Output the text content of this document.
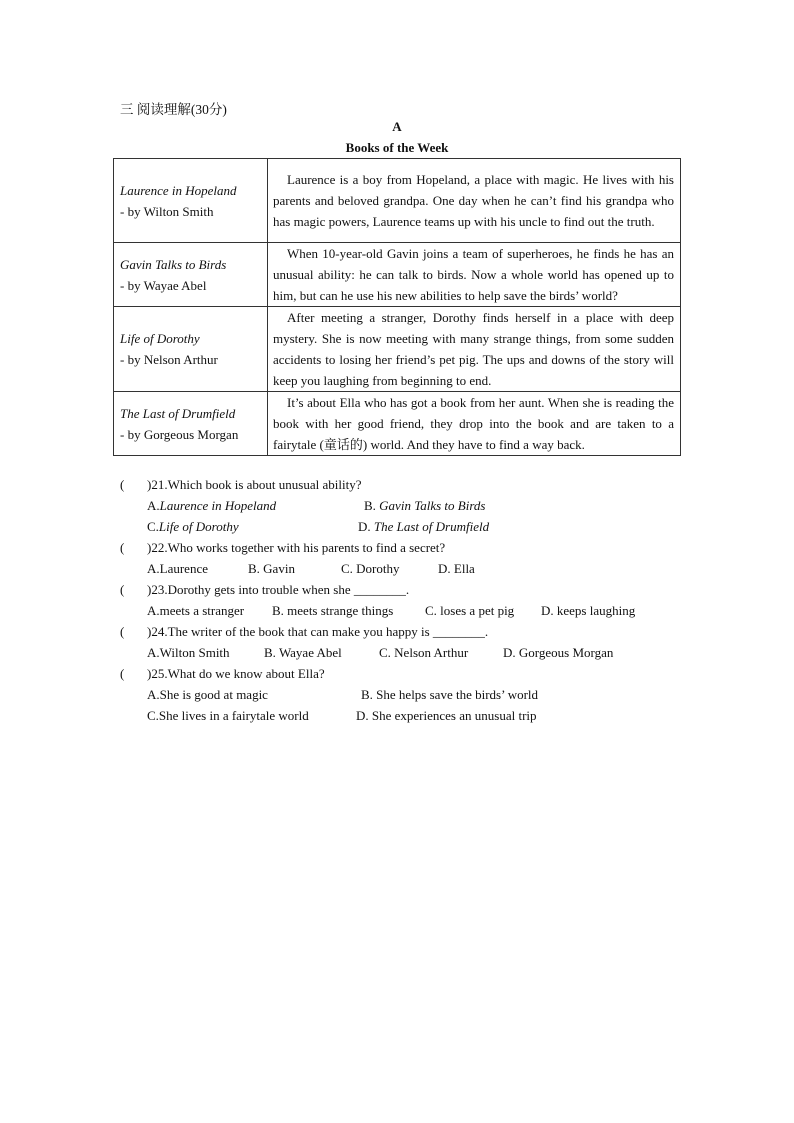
三 阅读理解(30分)
A
Books of the Week
Laurence in Hopeland
- by Wilton Smith	Laurence is a boy from Hopeland, a place with magic. He lives with his parents and beloved grandpa. One day when he can’t find his grandpa who has magic powers, Laurence teams up with his uncle to find out the truth.

Gavin Talks to Birds
- by Wayae Abel	When 10-year-old Gavin joins a team of superheroes, he finds he has an unusual ability: he can talk to birds. Now a whole world has opened up to him, but can he use his new abilities to help save the birds’ world?

Life of Dorothy
- by Nelson Arthur	After meeting a stranger, Dorothy finds herself in a place with deep mystery. She is now meeting with many strange things, from some sudden accidents to losing her friend’s pet pig. The ups and downs of the story will keep you laughing from beginning to end.

The Last of Drumfield
- by Gorgeous Morgan	It’s about Ella who has got a book from her aunt. When she is reading the book with her good friend, they drop into the book and are taken to a fairytale (童话的) world. And they have to find a way back.
( )21.Which book is about unusual ability?
A.Laurence in Hopeland	B. Gavin Talks to Birds
C.Life of Dorothy	D. The Last of Drumfield
( )22.Who works together with his parents to find a secret?
A.Laurence	B. Gavin	C. Dorothy	D. Ella
( )23.Dorothy gets into trouble when she ________.
A.meets a stranger B. meets strange things C. loses a pet pig D. keeps laughing
( )24.The writer of the book that can make you happy is ________.
A.Wilton Smith	B. Wayae Abel	C. Nelson Arthur	D. Gorgeous Morgan
( )25.What do we know about Ella?
A.She is good at magic	B. She helps save the birds’ world
C.She lives in a fairytale world	D. She experiences an unusual trip
